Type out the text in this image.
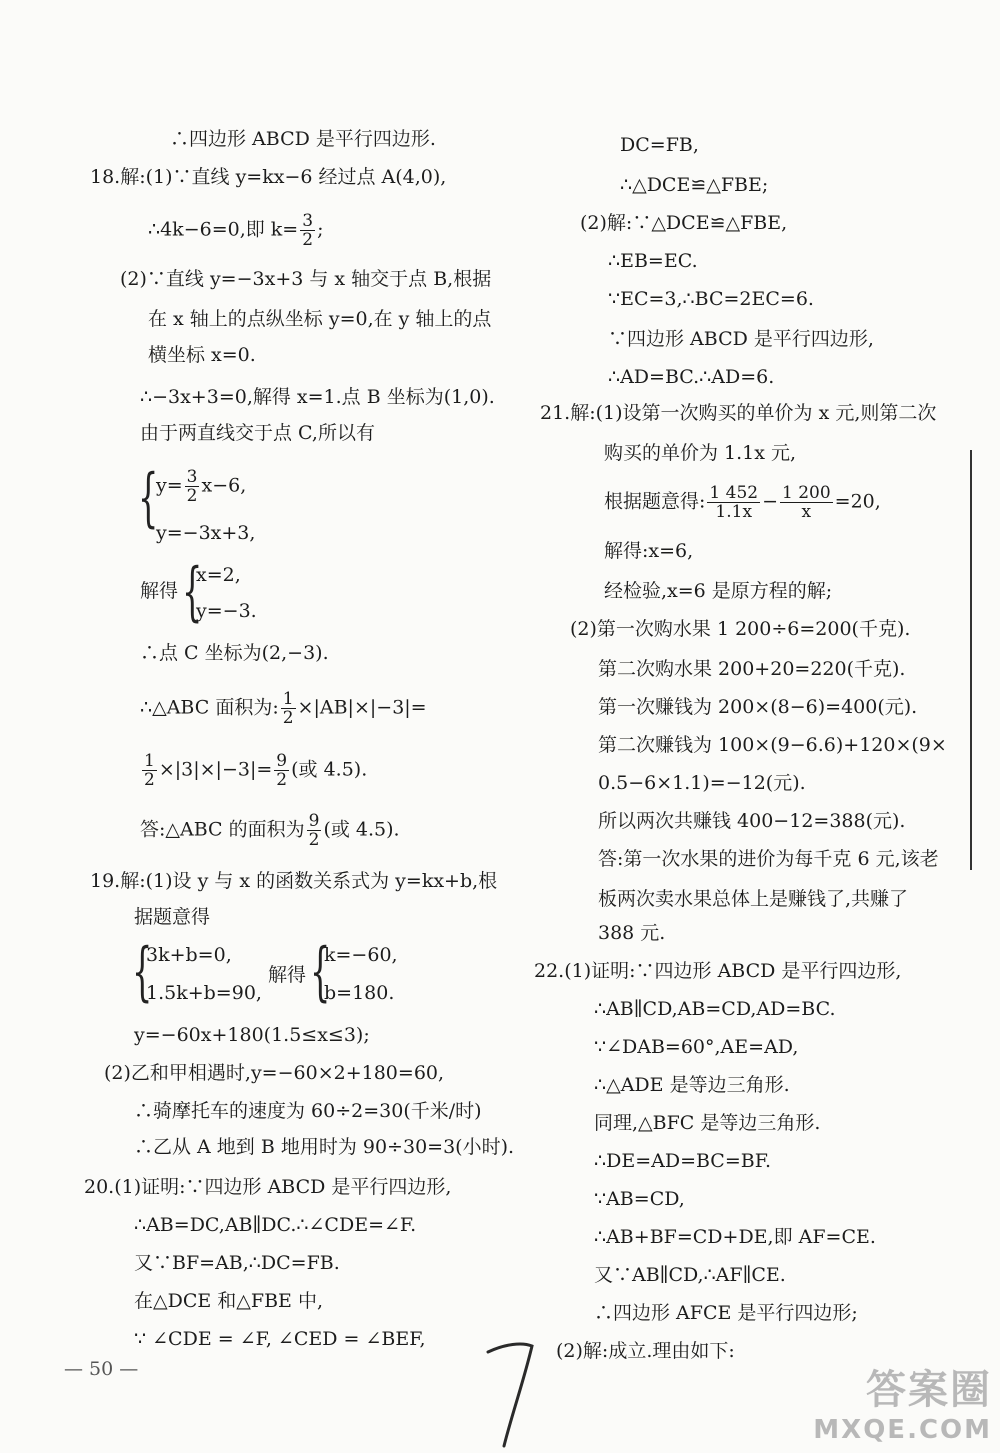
∴四边形 ABCD 是平行四边形.
18.解:(1)∵直线 y=kx−6 经过点 A(4,0),
∴4k−6=0,即 $k= \frac{3}{2}$ ;
(2)∵直线 y=−3x+3 与 x 轴交于点 B,根据
在 x 轴上的点纵坐标 y=0,在 y 轴上的点
横坐标 x=0.
∴−3x+3=0,解得 x=1.点 B 坐标为(1,0).
由于两直线交于点 C,所以有
{
$y= \frac{3}{2} x-6$,
y=−3x+3,
解得 {
x=2,
y=−3.
∴点 C 坐标为(2,−3).
∴△ABC 面积为: $\frac{1}{2} \times|AB|\times|-3|=$
$\frac{1}{2} \times|3|\times|-3|= \frac{9}{2}$ (或 4.5).
答:△ABC 的面积为 $\frac{9}{2}$ (或 4.5).
19.解:(1)设 y 与 x 的函数关系式为 y=kx+b,根
据题意得
{
3k+b=0,
1.5k+b=90,
解得 {
k=−60,
b=180.
y=−60x+180(1.5≤x≤3);
(2)乙和甲相遇时,y=−60×2+180=60,
∴骑摩托车的速度为 60÷2=30(千米/时)
∴乙从 A 地到 B 地用时为 90÷30=3(小时).
20.(1)证明:∵四边形 ABCD 是平行四边形,
∴AB=DC,AB∥DC.∴∠CDE=∠F.
又∵BF=AB,∴DC=FB.
在△DCE 和△FBE 中,
∵ ∠CDE = ∠F, ∠CED = ∠BEF,
— 50 —
DC=FB,
∴△DCE≌△FBE;
(2)解:∵△DCE≌△FBE,
∴EB=EC.
∵EC=3,∴BC=2EC=6.
∵四边形 ABCD 是平行四边形,
∴AD=BC.∴AD=6.
21.解:(1)设第一次购买的单价为 x 元,则第二次
购买的单价为 1.1x 元,
根据题意得: $\frac{1 452}{1.1x} - \frac{1 200}{x} =20$,
解得:x=6,
经检验,x=6 是原方程的解;
(2)第一次购水果 1 200÷6=200(千克).
第二次购水果 200+20=220(千克).
第一次赚钱为 200×(8−6)=400(元).
第二次赚钱为 100×(9−6.6)+120×(9×
0.5−6×1.1)=−12(元).
所以两次共赚钱 400−12=388(元).
答:第一次水果的进价为每千克 6 元,该老
板两次卖水果总体上是赚钱了,共赚了
388 元.
22.(1)证明:∵四边形 ABCD 是平行四边形,
∴AB∥CD,AB=CD,AD=BC.
∵∠DAB=60°,AE=AD,
∴△ADE 是等边三角形.
同理,△BFC 是等边三角形.
∴DE=AD=BC=BF.
∵AB=CD,
∴AB+BF=CD+DE,即 AF=CE.
又∵AB∥CD,∴AF∥CE.
∴四边形 AFCE 是平行四边形;
(2)解:成立.理由如下:
答案圈
MXQE.COM
